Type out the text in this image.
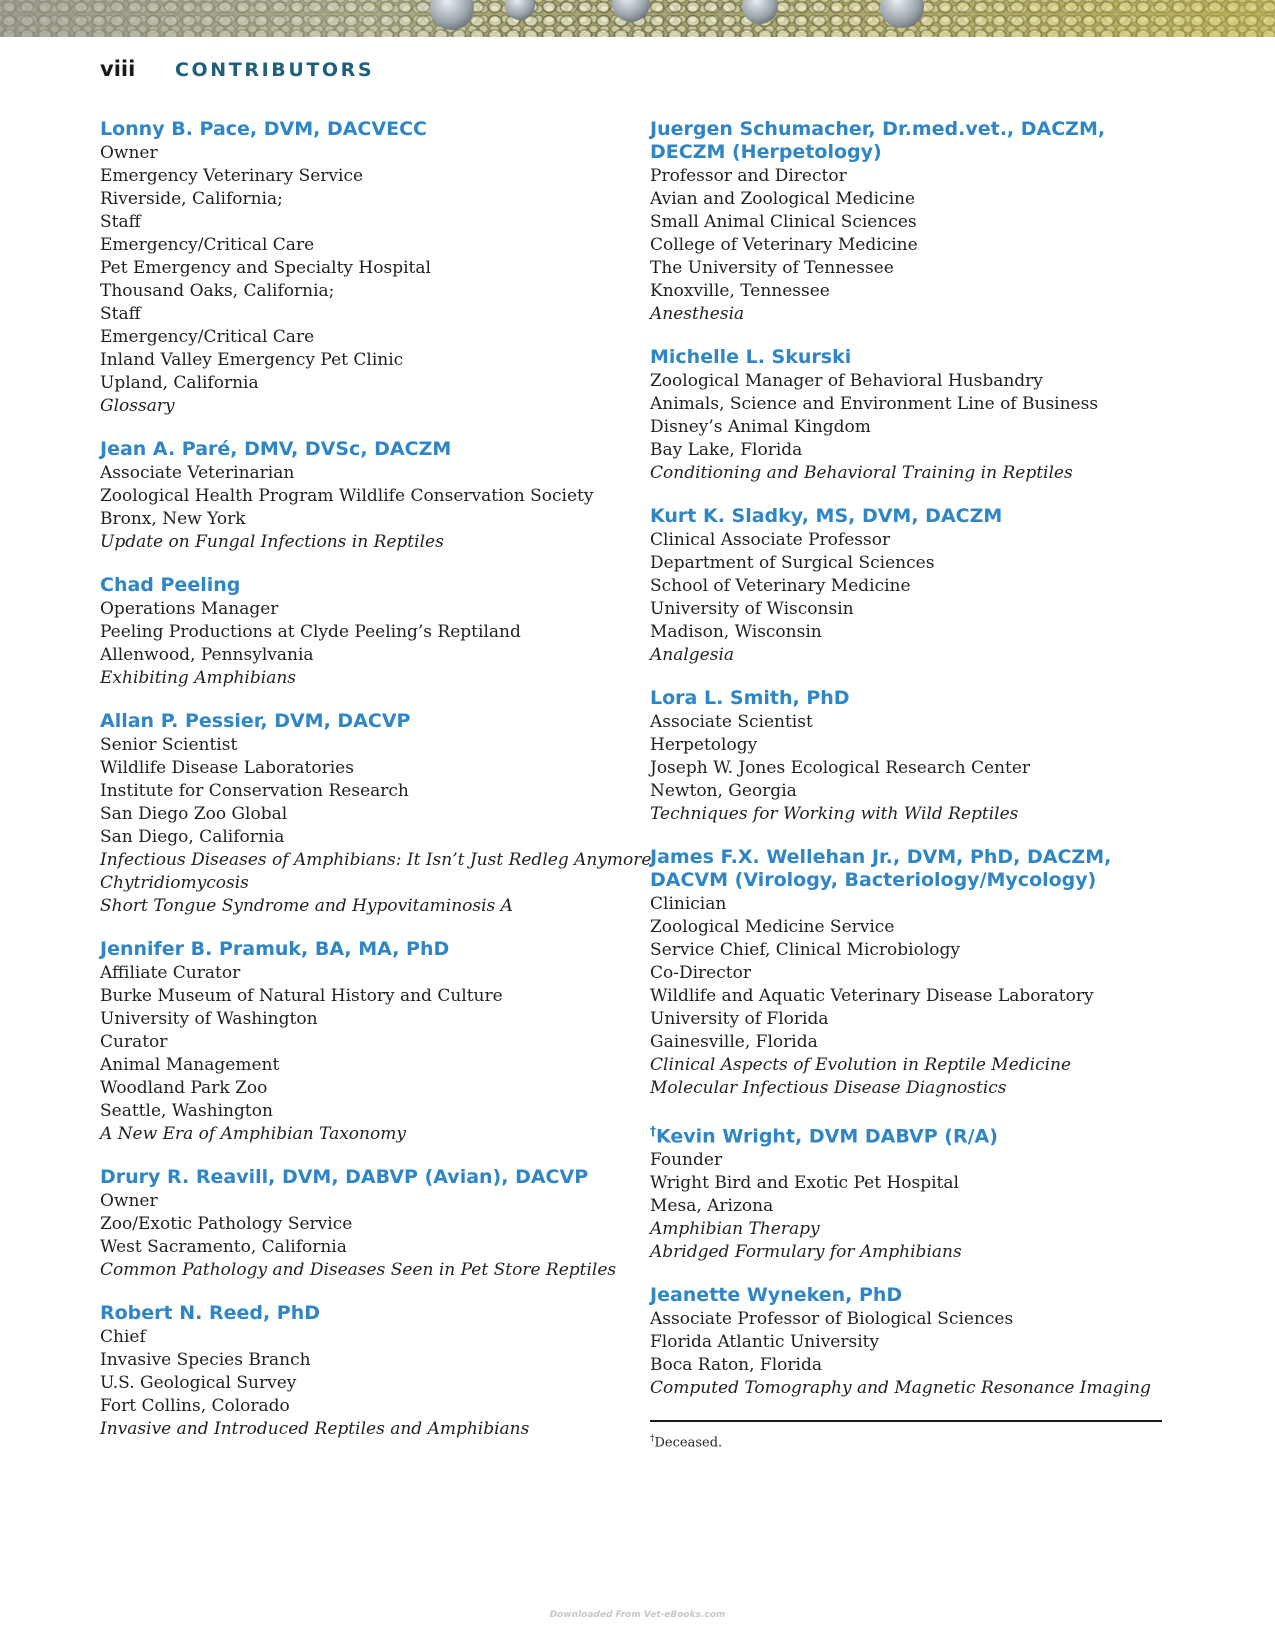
viii	CONTRIBUTORS
Lonny B. Pace, DVM, DACVECC
Owner
Emergency Veterinary Service
Riverside, California;
Staff
Emergency/Critical Care
Pet Emergency and Specialty Hospital
Thousand Oaks, California;
Staff
Emergency/Critical Care
Inland Valley Emergency Pet Clinic
Upland, California
Glossary
Jean A. Paré, DMV, DVSc, DACZM
Associate Veterinarian
Zoological Health Program Wildlife Conservation Society
Bronx, New York
Update on Fungal Infections in Reptiles
Chad Peeling
Operations Manager
Peeling Productions at Clyde Peeling’s Reptiland
Allenwood, Pennsylvania
Exhibiting Amphibians
Allan P. Pessier, DVM, DACVP
Senior Scientist
Wildlife Disease Laboratories
Institute for Conservation Research
San Diego Zoo Global
San Diego, California
Infectious Diseases of Amphibians: It Isn’t Just Redleg Anymore
Chytridiomycosis
Short Tongue Syndrome and Hypovitaminosis A
Jennifer B. Pramuk, BA, MA, PhD
Affiliate Curator
Burke Museum of Natural History and Culture
University of Washington
Curator
Animal Management
Woodland Park Zoo
Seattle, Washington
A New Era of Amphibian Taxonomy
Drury R. Reavill, DVM, DABVP (Avian), DACVP
Owner
Zoo/Exotic Pathology Service
West Sacramento, California
Common Pathology and Diseases Seen in Pet Store Reptiles
Robert N. Reed, PhD
Chief
Invasive Species Branch
U.S. Geological Survey
Fort Collins, Colorado
Invasive and Introduced Reptiles and Amphibians
Juergen Schumacher, Dr.med.vet., DACZM, DECZM (Herpetology)
Professor and Director
Avian and Zoological Medicine
Small Animal Clinical Sciences
College of Veterinary Medicine
The University of Tennessee
Knoxville, Tennessee
Anesthesia
Michelle L. Skurski
Zoological Manager of Behavioral Husbandry
Animals, Science and Environment Line of Business
Disney’s Animal Kingdom
Bay Lake, Florida
Conditioning and Behavioral Training in Reptiles
Kurt K. Sladky, MS, DVM, DACZM
Clinical Associate Professor
Department of Surgical Sciences
School of Veterinary Medicine
University of Wisconsin
Madison, Wisconsin
Analgesia
Lora L. Smith, PhD
Associate Scientist
Herpetology
Joseph W. Jones Ecological Research Center
Newton, Georgia
Techniques for Working with Wild Reptiles
James F.X. Wellehan Jr., DVM, PhD, DACZM, DACVM (Virology, Bacteriology/Mycology)
Clinician
Zoological Medicine Service
Service Chief, Clinical Microbiology
Co-Director
Wildlife and Aquatic Veterinary Disease Laboratory
University of Florida
Gainesville, Florida
Clinical Aspects of Evolution in Reptile Medicine
Molecular Infectious Disease Diagnostics
†Kevin Wright, DVM DABVP (R/A)
Founder
Wright Bird and Exotic Pet Hospital
Mesa, Arizona
Amphibian Therapy
Abridged Formulary for Amphibians
Jeanette Wyneken, PhD
Associate Professor of Biological Sciences
Florida Atlantic University
Boca Raton, Florida
Computed Tomography and Magnetic Resonance Imaging
†Deceased.
Downloaded From Vet-eBooks.com
